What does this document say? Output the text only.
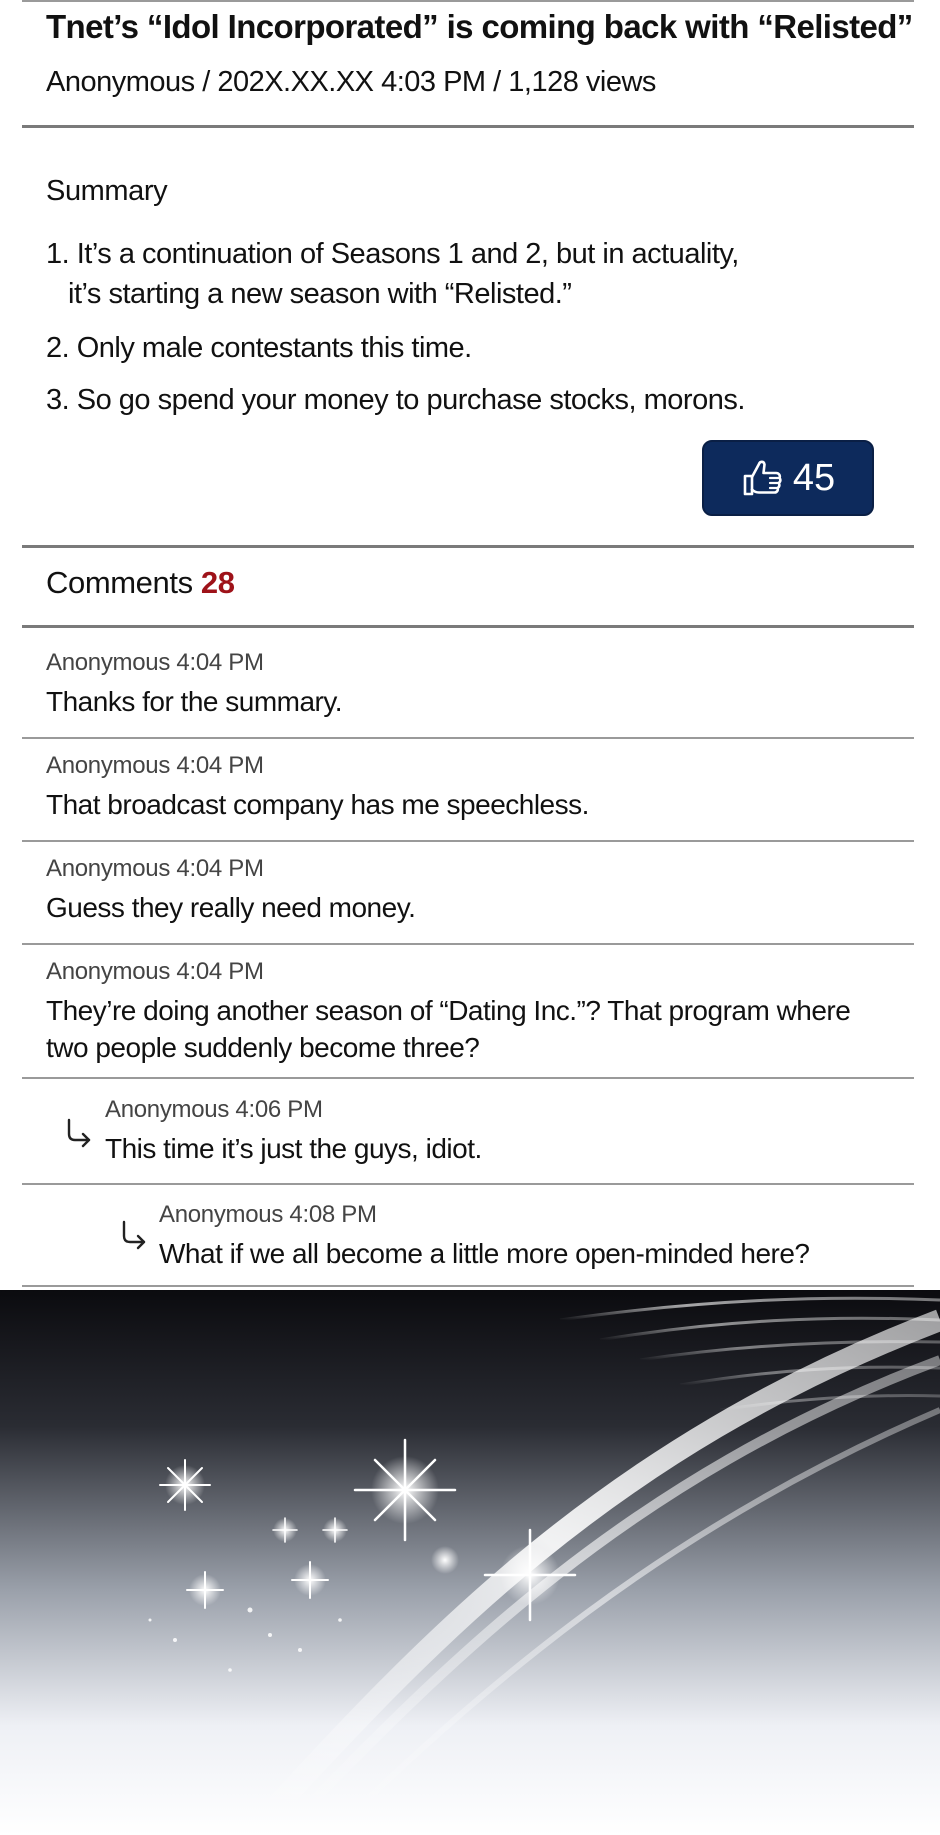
Tnet’s “Idol Incorporated” is coming back with “Relisted”
Anonymous / 202X.XX.XX 4:03 PM / 1,128 views
Summary
1. It’s a continuation of Seasons 1 and 2, but in actuality,
it’s starting a new season with “Relisted.”
2. Only male contestants this time.
3. So go spend your money to purchase stocks, morons.
45
Comments 28
Anonymous 4:04 PM
Thanks for the summary.
Anonymous 4:04 PM
That broadcast company has me speechless.
Anonymous 4:04 PM
Guess they really need money.
Anonymous 4:04 PM
They’re doing another season of “Dating Inc.”? That program where
two people suddenly become three?
Anonymous 4:06 PM
This time it’s just the guys, idiot.
Anonymous 4:08 PM
What if we all become a little more open-minded here?
